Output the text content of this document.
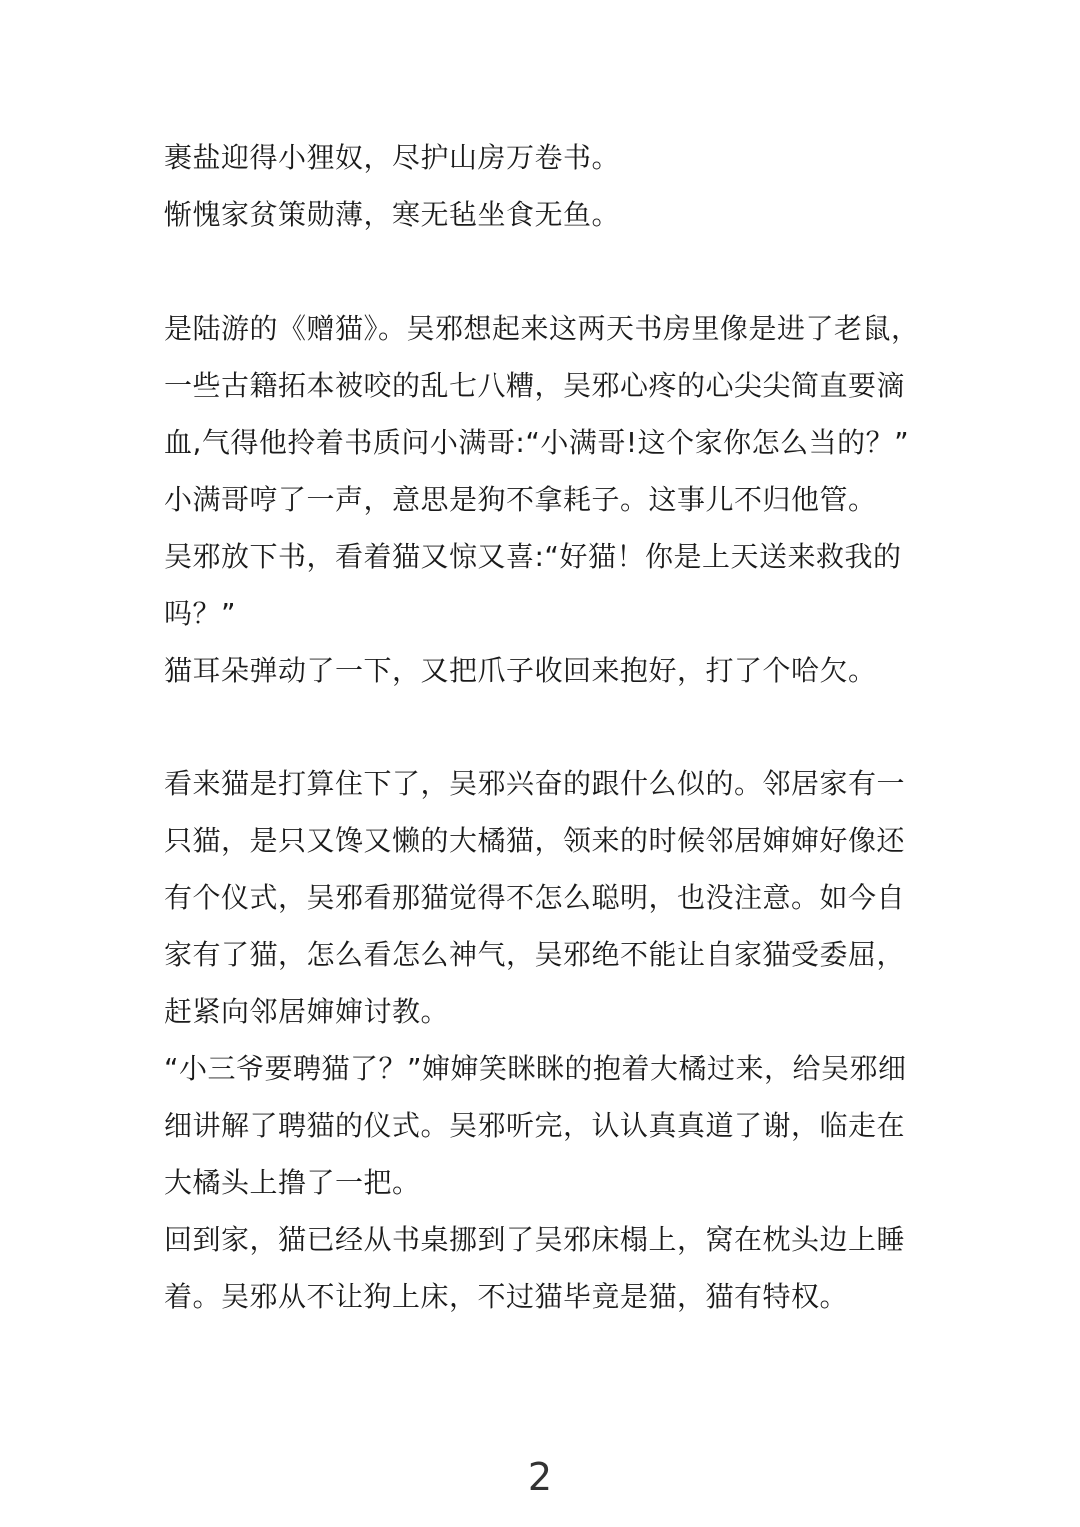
裹盐迎得小狸奴，尽护山房万卷书。
惭愧家贫策勋薄，寒无毡坐食无鱼。
是陆游的《赠猫》。吴邪想起来这两天书房里像是进了老鼠，
一些古籍拓本被咬的乱七八糟，吴邪心疼的心尖尖简直要滴
血,气得他拎着书质问小满哥:“小满哥!这个家你怎么当的？”
小满哥哼了一声，意思是狗不拿耗子。这事儿不归他管。
吴邪放下书，看着猫又惊又喜:“好猫！你是上天送来救我的
吗？”
猫耳朵弹动了一下，又把爪子收回来抱好，打了个哈欠。
看来猫是打算住下了，吴邪兴奋的跟什么似的。邻居家有一
只猫，是只又馋又懒的大橘猫，领来的时候邻居婶婶好像还
有个仪式，吴邪看那猫觉得不怎么聪明，也没注意。如今自
家有了猫，怎么看怎么神气，吴邪绝不能让自家猫受委屈，
赶紧向邻居婶婶讨教。
“小三爷要聘猫了？”婶婶笑眯眯的抱着大橘过来，给吴邪细
细讲解了聘猫的仪式。吴邪听完，认认真真道了谢，临走在
大橘头上撸了一把。
回到家，猫已经从书桌挪到了吴邪床榻上，窝在枕头边上睡
着。吴邪从不让狗上床，不过猫毕竟是猫，猫有特权。
2
